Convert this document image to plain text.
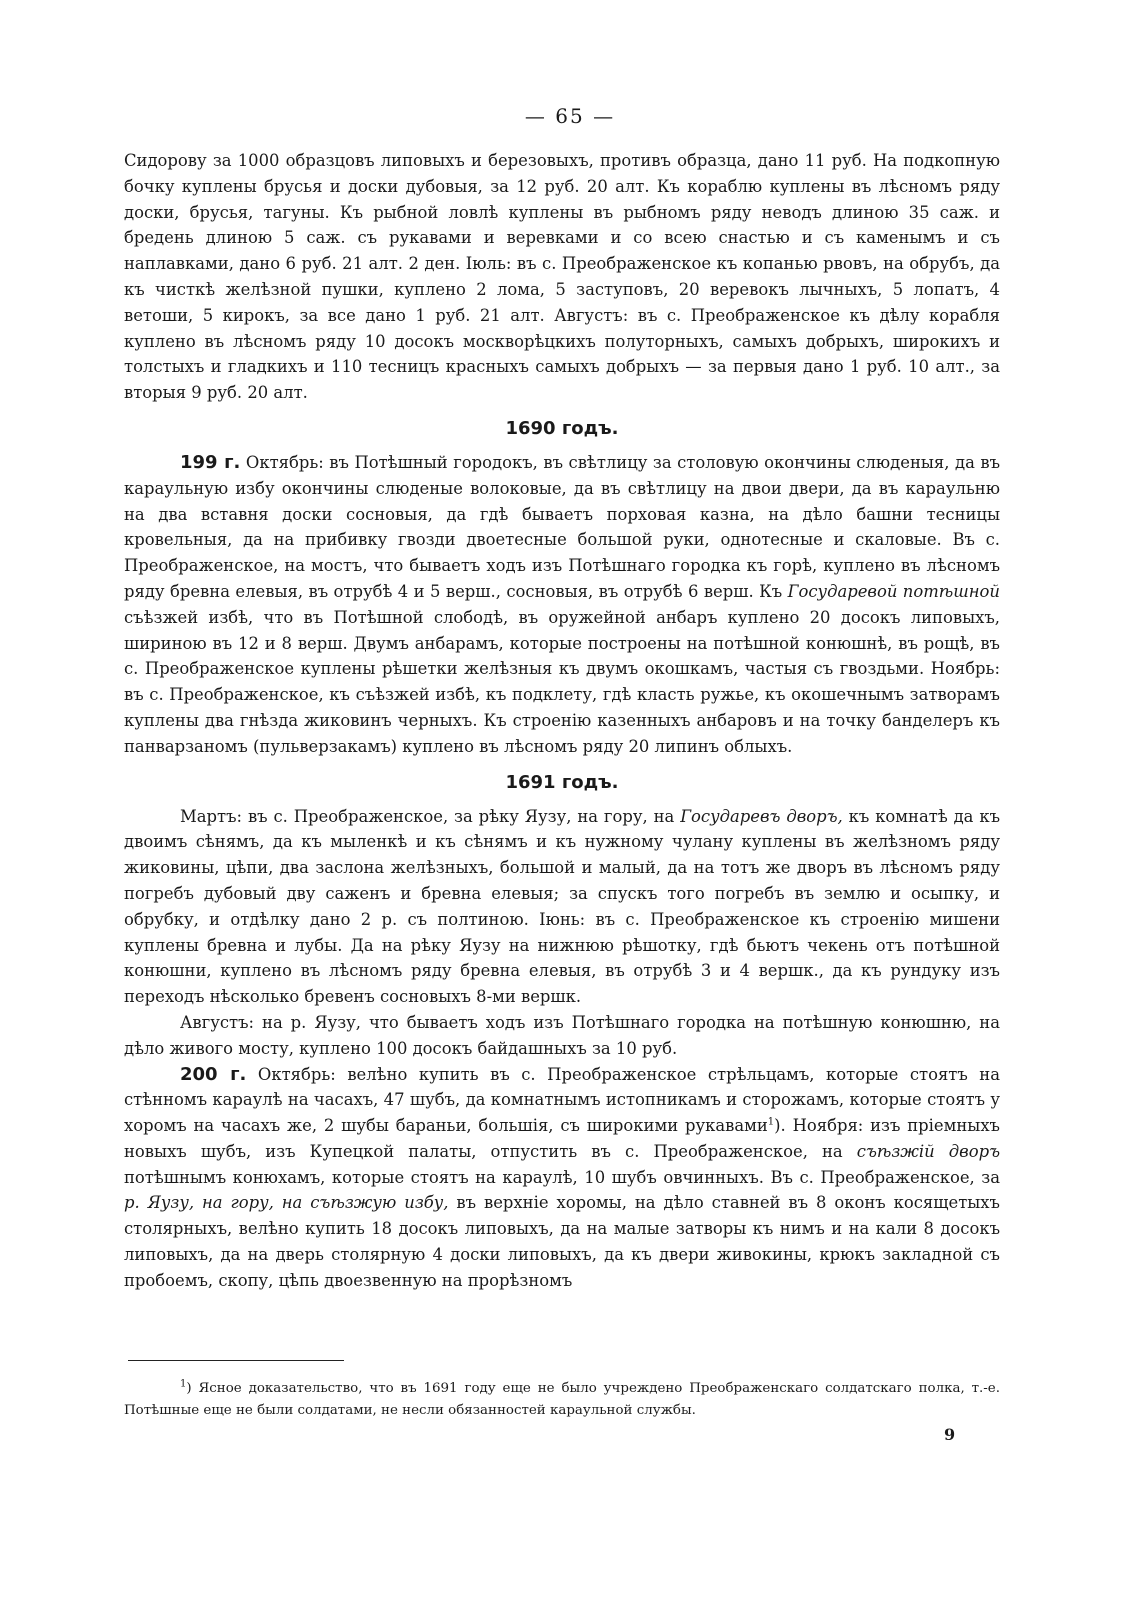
— 65 —

Сидорову за 1000 образцовъ липовыхъ и березовыхъ, противъ образца, дано 11 руб. На подкопную бочку куплены брусья и доски дубовыя, за 12 руб. 20 алт. Къ кораблю куплены въ лѣсномъ ряду доски, брусья, тагуны. Къ рыбной ловлѣ куплены въ рыбномъ ряду неводъ длиною 35 саж. и бредень длиною 5 саж. съ рукавами и веревками и со всею снастью и съ каменымъ и съ наплавками, дано 6 руб. 21 алт. 2 ден. Іюль: въ с. Преображенское къ копанью рвовъ, на обрубъ, да къ чисткѣ желѣзной пушки, куплено 2 лома, 5 заступовъ, 20 веревокъ лычныхъ, 5 лопатъ, 4 ветоши, 5 кирокъ, за все дано 1 руб. 21 алт. Августъ: въ с. Преображенское къ дѣлу корабля куплено въ лѣсномъ ряду 10 досокъ москворѣцкихъ полуторныхъ, самыхъ добрыхъ, широкихъ и толстыхъ и гладкихъ и 110 тесницъ красныхъ самыхъ добрыхъ — за первыя дано 1 руб. 10 алт., за вторыя 9 руб. 20 алт.

1690 годъ.

199 г. Октябрь: въ Потѣшный городокъ, въ свѣтлицу за столовую окончины слюденыя, да въ караульную избу окончины слюденые волоковые, да въ свѣтлицу на двои двери, да въ караульню на два вставня доски сосновыя, да гдѣ бываетъ порховая казна, на дѣло башни тесницы кровельныя, да на прибивку гвозди двоетесные большой руки, однотесные и скаловые. Въ с. Преображенское, на мостъ, что бываетъ ходъ изъ Потѣшнаго городка къ горѣ, куплено въ лѣсномъ ряду бревна елевыя, въ отрубѣ 4 и 5 верш., сосновыя, въ отрубѣ 6 верш. Къ Государевой потѣшной съѣзжей избѣ, что въ Потѣшной слободѣ, въ оружейной анбаръ куплено 20 досокъ липовыхъ, шириною въ 12 и 8 верш. Двумъ анбарамъ, которые построены на потѣшной конюшнѣ, въ рощѣ, въ с. Преображенское куплены рѣшетки желѣзныя къ двумъ окошкамъ, частыя съ гвоздьми. Ноябрь: въ с. Преображенское, къ съѣзжей избѣ, къ подклету, гдѣ класть ружье, къ окошечнымъ затворамъ куплены два гнѣзда жиковинъ черныхъ. Къ строенію казенныхъ анбаровъ и на точку банделеръ къ панварзаномъ (пульверзакамъ) куплено въ лѣсномъ ряду 20 липинъ облыхъ.

1691 годъ.

Мартъ: въ с. Преображенское, за рѣку Яузу, на гору, на Государевъ дворъ, къ комнатѣ да къ двоимъ сѣнямъ, да къ мыленкѣ и къ сѣнямъ и къ нужному чулану куплены въ желѣзномъ ряду жиковины, цѣпи, два заслона желѣзныхъ, большой и малый, да на тотъ же дворъ въ лѣсномъ ряду погребъ дубовый дву саженъ и бревна елевыя; за спускъ того погребъ въ землю и осыпку, и обрубку, и отдѣлку дано 2 р. съ полтиною. Іюнь: въ с. Преображенское къ строенію мишени куплены бревна и лубы. Да на рѣку Яузу на нижнюю рѣшотку, гдѣ бьютъ чекень отъ потѣшной конюшни, куплено въ лѣсномъ ряду бревна елевыя, въ отрубѣ 3 и 4 вершк., да къ рундуку изъ переходъ нѣсколько бревенъ сосновыхъ 8-ми вершк.

Августъ: на р. Яузу, что бываетъ ходъ изъ Потѣшнаго городка на потѣшную конюшню, на дѣло живого мосту, куплено 100 досокъ байдашныхъ за 10 руб.

200 г. Октябрь: велѣно купить въ с. Преображенское стрѣльцамъ, которые стоятъ на стѣнномъ караулѣ на часахъ, 47 шубъ, да комнатнымъ истопникамъ и сторожамъ, которые стоятъ у хоромъ на часахъ же, 2 шубы бараньи, большія, съ широкими рукавами$^1$). Ноября: изъ пріемныхъ новыхъ шубъ, изъ Купецкой палаты, отпустить въ с. Преображенское, на съѣзжій дворъ потѣшнымъ конюхамъ, которые стоятъ на караулѣ, 10 шубъ овчинныхъ. Въ с. Преображенское, за р. Яузу, на гору, на съѣзжую избу, въ верхніе хоромы, на дѣло ставней въ 8 оконъ косящетыхъ столярныхъ, велѣно купить 18 досокъ липовыхъ, да на малые затворы къ нимъ и на кали 8 досокъ липовыхъ, да на дверь столярную 4 доски липовыхъ, да къ двери живокины, крюкъ закладной съ пробоемъ, скопу, цѣпь двоезвенную на прорѣзномъ

$^1$) Ясное доказательство, что въ 1691 году еще не было учреждено Преображенскаго солдатскаго полка, т.-е. Потѣшные еще не были солдатами, не несли обязанностей караульной службы.

9
